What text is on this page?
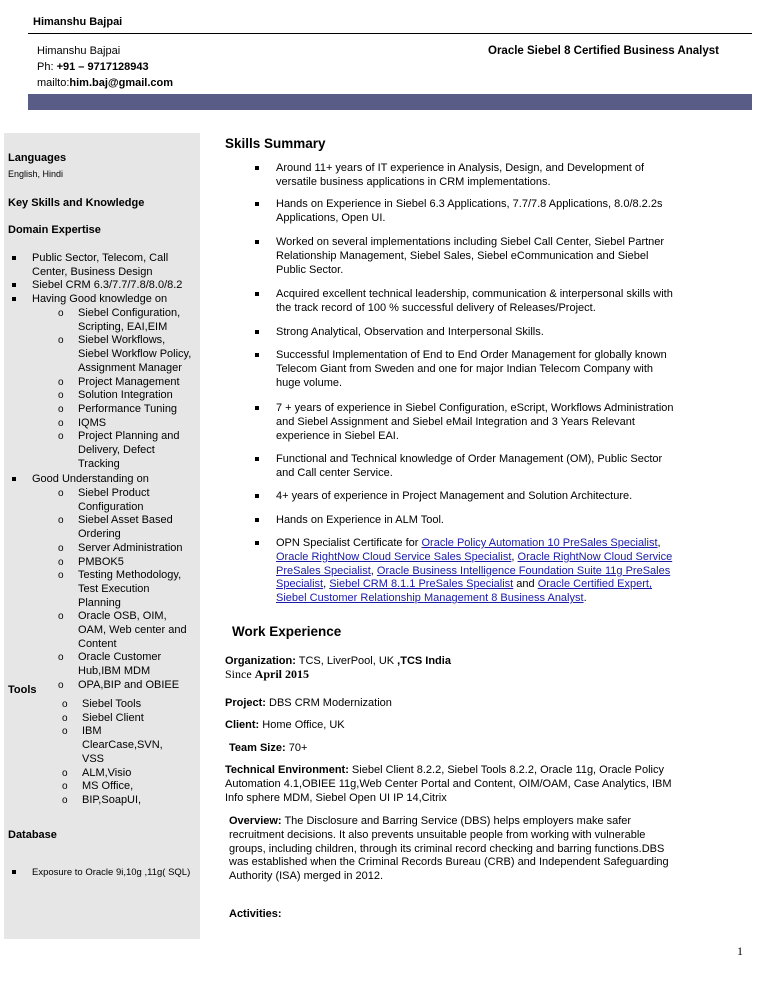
Himanshu Bajpai
Himanshu Bajpai
Ph: +91 – 9717128943
mailto:him.baj@gmail.com
Oracle Siebel 8 Certified Business Analyst
Languages
English, Hindi
Key Skills and Knowledge
Domain Expertise
Public Sector, Telecom, Call Center, Business Design
Siebel CRM 6.3/7.7/7.8/8.0/8.2
Having Good knowledge on
o Siebel Configuration, Scripting, EAI,EIM
o Siebel Workflows, Siebel Workflow Policy, Assignment Manager
o Project Management
o Solution Integration
o Performance Tuning
o IQMS
o Project Planning and Delivery, Defect Tracking
Good Understanding on
o Siebel Product Configuration
o Siebel Asset Based Ordering
o Server Administration
o PMBOK5
o Testing Methodology, Test Execution Planning
o Oracle OSB, OIM, OAM, Web center and Content
o Oracle Customer Hub,IBM MDM
o OPA,BIP and OBIEE
Tools
o Siebel Tools
o Siebel Client
o IBM ClearCase,SVN, VSS
o ALM,Visio
o MS Office,
o BIP,SoapUI,
Database
Exposure to Oracle 9i,10g ,11g( SQL)
Skills Summary
Around 11+ years of IT experience in Analysis, Design, and Development of versatile business applications in CRM implementations.
Hands on Experience in Siebel 6.3 Applications, 7.7/7.8 Applications, 8.0/8.2.2s Applications, Open UI.
Worked on several implementations including Siebel Call Center, Siebel Partner Relationship Management, Siebel Sales, Siebel eCommunication and Siebel Public Sector.
Acquired excellent technical leadership, communication & interpersonal skills with the track record of 100 % successful delivery of Releases/Project.
Strong Analytical, Observation and Interpersonal Skills.
Successful Implementation of End to End Order Management for globally known Telecom Giant from Sweden and one for major Indian Telecom Company with huge volume.
7 + years of experience in Siebel Configuration, eScript, Workflows Administration and Siebel Assignment and Siebel eMail Integration and 3 Years Relevant experience in Siebel EAI.
Functional and Technical knowledge of Order Management (OM), Public Sector and Call center Service.
4+ years of experience in Project Management and Solution Architecture.
Hands on Experience in ALM Tool.
OPN Specialist Certificate for Oracle Policy Automation 10 PreSales Specialist, Oracle RightNow Cloud Service Sales Specialist, Oracle RightNow Cloud Service PreSales Specialist, Oracle Business Intelligence Foundation Suite 11g PreSales Specialist, Siebel CRM 8.1.1 PreSales Specialist and Oracle Certified Expert, Siebel Customer Relationship Management 8 Business Analyst.
Work Experience
Organization: TCS, LiverPool, UK ,TCS India
Since April 2015
Project: DBS CRM Modernization
Client: Home Office, UK
Team Size: 70+
Technical Environment: Siebel Client 8.2.2, Siebel Tools 8.2.2, Oracle 11g, Oracle Policy Automation 4.1,OBIEE 11g,Web Center Portal and Content, OIM/OAM, Case Analytics, IBM Info sphere MDM, Siebel Open UI IP 14,Citrix
Overview: The Disclosure and Barring Service (DBS) helps employers make safer recruitment decisions. It also prevents unsuitable people from working with vulnerable groups, including children, through its criminal record checking and barring functions.DBS was established when the Criminal Records Bureau (CRB) and Independent Safeguarding Authority (ISA) merged in 2012.
Activities:
1
